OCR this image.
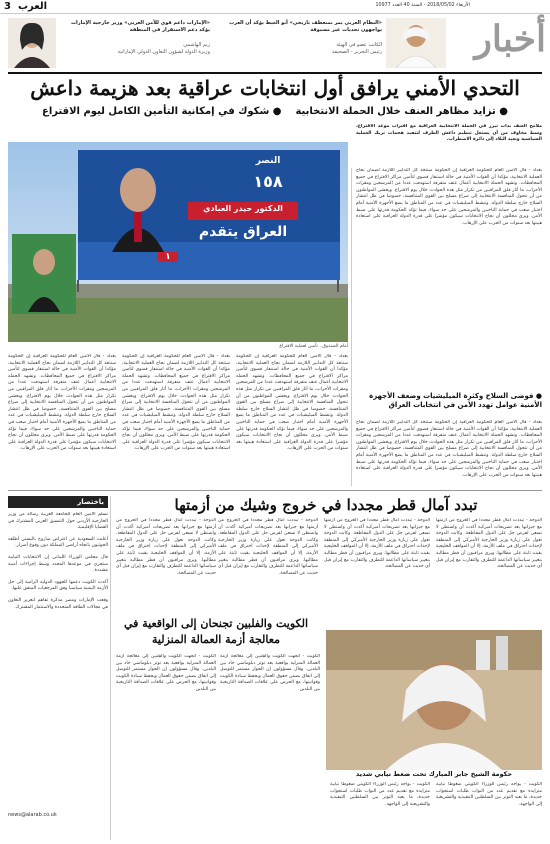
3 العرب	الأربعاء 2018/05/02 - السنة 40 العدد 10977
أخبار
«النظام العربي يمر بمنعطف تاريخي» أبو الغيط يؤكد أن العرب يواجهون تحديات غير مسبوقة
الكاتب عضو في الهيئة
رئيس التحرير - الصحيفة
«الإمارات داعم قوي للأمن العربي» وزير خارجية الإمارات يؤكد دعم الاستقرار في المنطقة
ريم الهاشمي
وزيرة الدولة لشؤون التعاون الدولي الإماراتية
التحدي الأمني يرافق أول انتخابات عراقية بعد هزيمة داعش
● تزايد مظاهر العنف خلال الحملة الانتخابية    ● شكوك في إمكانية التأمين الكامل ليوم الاقتراع
ملامح العنف بدأت تبرز في الحملة الانتخابية العراقية مع اقتراب موعد الاقتراع، وسط مخاوف من أن يستغل تنظيم داعش الظرف لتنفيذ هجمات تربك العملية السياسية وتعيد البلاد إلى دائرة الاضطراب.
النصر
١٥٨
الدكتور حيدر العبادي
العراق يتقدم
١
أمام الصندوق.. تأمين لعملية الاقتراع
بغداد - قال الأمين العام للحكومة العراقية إن الحكومة ستتخذ كل التدابير اللازمة لضمان نجاح العملية الانتخابية، مؤكدا أن القوات الأمنية في حالة استنفار قصوى لتأمين مراكز الاقتراع في جميع المحافظات. وتشهد الحملة الانتخابية أعمال عنف متفرقة استهدفت عددا من المرشحين ومقرات الأحزاب، ما أثار قلق المراقبين من تكرار مثل هذه الحوادث خلال يوم الاقتراع. ويخشى المواطنون من أن تتحول المنافسة الانتخابية إلى صراع مسلح بين القوى المتنافسة، خصوصا في ظل انتشار السلاح خارج سلطة الدولة. وتنشط الميليشيات في عدد من المناطق ما يضع الأجهزة الأمنية أمام اختبار صعب في حماية الناخبين والمرشحين على حد سواء، فيما تؤكد الحكومة قدرتها على ضبط الأمن. ويرى محللون أن نجاح الانتخابات سيكون مؤشرا على قدرة الدولة العراقية على استعادة هيبتها بعد سنوات من الحرب على الإرهاب.
● فوضى السلاح وكثرة الميليشيات وضعف الأجهزة الأمنية عوامل تهدد الأمن في انتخابات العراق
بغداد - قال الأمين العام للحكومة العراقية إن الحكومة ستتخذ كل التدابير اللازمة لضمان نجاح العملية الانتخابية، مؤكدا أن القوات الأمنية في حالة استنفار قصوى لتأمين مراكز الاقتراع في جميع المحافظات. وتشهد الحملة الانتخابية أعمال عنف متفرقة استهدفت عددا من المرشحين ومقرات الأحزاب، ما أثار قلق المراقبين من تكرار مثل هذه الحوادث خلال يوم الاقتراع. ويخشى المواطنون من أن تتحول المنافسة الانتخابية إلى صراع مسلح بين القوى المتنافسة، خصوصا في ظل انتشار السلاح خارج سلطة الدولة. وتنشط الميليشيات في عدد من المناطق ما يضع الأجهزة الأمنية أمام اختبار صعب في حماية الناخبين والمرشحين على حد سواء، فيما تؤكد الحكومة قدرتها على ضبط الأمن. ويرى محللون أن نجاح الانتخابات سيكون مؤشرا على قدرة الدولة العراقية على استعادة هيبتها بعد سنوات من الحرب على الإرهاب.
بغداد - قال الأمين العام للحكومة العراقية إن الحكومة ستتخذ كل التدابير اللازمة لضمان نجاح العملية الانتخابية، مؤكدا أن القوات الأمنية في حالة استنفار قصوى لتأمين مراكز الاقتراع في جميع المحافظات. وتشهد الحملة الانتخابية أعمال عنف متفرقة استهدفت عددا من المرشحين ومقرات الأحزاب، ما أثار قلق المراقبين من تكرار مثل هذه الحوادث خلال يوم الاقتراع. ويخشى المواطنون من أن تتحول المنافسة الانتخابية إلى صراع مسلح بين القوى المتنافسة، خصوصا في ظل انتشار السلاح خارج سلطة الدولة. وتنشط الميليشيات في عدد من المناطق ما يضع الأجهزة الأمنية أمام اختبار صعب في حماية الناخبين والمرشحين على حد سواء، فيما تؤكد الحكومة قدرتها على ضبط الأمن. ويرى محللون أن نجاح الانتخابات سيكون مؤشرا على قدرة الدولة العراقية على استعادة هيبتها بعد سنوات من الحرب على الإرهاب.
بغداد - قال الأمين العام للحكومة العراقية إن الحكومة ستتخذ كل التدابير اللازمة لضمان نجاح العملية الانتخابية، مؤكدا أن القوات الأمنية في حالة استنفار قصوى لتأمين مراكز الاقتراع في جميع المحافظات. وتشهد الحملة الانتخابية أعمال عنف متفرقة استهدفت عددا من المرشحين ومقرات الأحزاب، ما أثار قلق المراقبين من تكرار مثل هذه الحوادث خلال يوم الاقتراع. ويخشى المواطنون من أن تتحول المنافسة الانتخابية إلى صراع مسلح بين القوى المتنافسة، خصوصا في ظل انتشار السلاح خارج سلطة الدولة. وتنشط الميليشيات في عدد من المناطق ما يضع الأجهزة الأمنية أمام اختبار صعب في حماية الناخبين والمرشحين على حد سواء، فيما تؤكد الحكومة قدرتها على ضبط الأمن. ويرى محللون أن نجاح الانتخابات سيكون مؤشرا على قدرة الدولة العراقية على استعادة هيبتها بعد سنوات من الحرب على الإرهاب.
بغداد - قال الأمين العام للحكومة العراقية إن الحكومة ستتخذ كل التدابير اللازمة لضمان نجاح العملية الانتخابية، مؤكدا أن القوات الأمنية في حالة استنفار قصوى لتأمين مراكز الاقتراع في جميع المحافظات. وتشهد الحملة الانتخابية أعمال عنف متفرقة استهدفت عددا من المرشحين ومقرات الأحزاب، ما أثار قلق المراقبين من تكرار مثل هذه الحوادث خلال يوم الاقتراع. ويخشى المواطنون من أن تتحول المنافسة الانتخابية إلى صراع مسلح بين القوى المتنافسة، خصوصا في ظل انتشار السلاح خارج سلطة الدولة. وتنشط الميليشيات في عدد من المناطق ما يضع الأجهزة الأمنية أمام اختبار صعب في حماية الناخبين والمرشحين على حد سواء، فيما تؤكد الحكومة قدرتها على ضبط الأمن. ويرى محللون أن نجاح الانتخابات سيكون مؤشرا على قدرة الدولة العراقية على استعادة هيبتها بعد سنوات من الحرب على الإرهاب.
باختصار

تسلم الأمين العام للجامعة العربية رسالة من وزير الخارجية الأردني حول التنسيق العربي المشترك في القضايا الإقليمية.

أعلنت السعودية عن اعتراض صاروخ باليستي أطلقه الحوثيون باتجاه أراضي المملكة دون وقوع أضرار.

قال مجلس الوزراء اللبناني إن الانتخابات النيابية ستجري في موعدها المحدد وسط إجراءات أمنية مشددة.

أكدت الكويت دعمها للجهود الدولية الرامية إلى حل الأزمة اليمنية سياسيا وفق المرجعيات المتفق عليها.

وقعت الإمارات ومصر مذكرة تفاهم لتعزيز التعاون في مجالات الطاقة المتجددة والاستثمار المشترك.

news@alarab.co.uk
تبدد آمال قطر مجددا في خروج وشيك من أزمتها
الدوحة - تبددت آمال قطر مجددا في الخروج من أزمتها مع جيرانها بعد تصريحات أميركية أكدت أن واشنطن لا تسعى لفرض حل على الدول المقاطعة. وكانت الدوحة تعول على زيارة وزير الخارجية الأميركي إلى المنطقة لإحداث اختراق في ملف الأزمة، إلا أن المواقف الخليجية بقيت ثابتة على مطالبها. ويرى مراقبون أن قطر مطالبة بتغيير سياساتها الداعمة للتطرف والتقارب مع إيران قبل أي حديث عن المصالحة.
الدوحة - تبددت آمال قطر مجددا في الخروج من أزمتها مع جيرانها بعد تصريحات أميركية أكدت أن واشنطن لا تسعى لفرض حل على الدول المقاطعة. وكانت الدوحة تعول على زيارة وزير الخارجية الأميركي إلى المنطقة لإحداث اختراق في ملف الأزمة، إلا أن المواقف الخليجية بقيت ثابتة على مطالبها. ويرى مراقبون أن قطر مطالبة بتغيير سياساتها الداعمة للتطرف والتقارب مع إيران قبل أي حديث عن المصالحة.
الدوحة - تبددت آمال قطر مجددا في الخروج من أزمتها مع جيرانها بعد تصريحات أميركية أكدت أن واشنطن لا تسعى لفرض حل على الدول المقاطعة. وكانت الدوحة تعول على زيارة وزير الخارجية الأميركي إلى المنطقة لإحداث اختراق في ملف الأزمة، إلا أن المواقف الخليجية بقيت ثابتة على مطالبها. ويرى مراقبون أن قطر مطالبة بتغيير سياساتها الداعمة للتطرف والتقارب مع إيران قبل أي حديث عن المصالحة.
الدوحة - تبددت آمال قطر مجددا في الخروج من أزمتها مع جيرانها بعد تصريحات أميركية أكدت أن واشنطن لا تسعى لفرض حل على الدول المقاطعة. وكانت الدوحة تعول على زيارة وزير الخارجية الأميركي إلى المنطقة لإحداث اختراق في ملف الأزمة، إلا أن المواقف الخليجية بقيت ثابتة على مطالبها. ويرى مراقبون أن قطر مطالبة بتغيير سياساتها الداعمة للتطرف والتقارب مع إيران قبل أي حديث عن المصالحة.
الكويت والفلبين تجنحان إلى الواقعية في معالجة أزمة العمالة المنزلية
الكويت - اتجهت الكويت والفلبين إلى معالجة أزمة العمالة المنزلية بواقعية بعد توتر دبلوماسي حاد بين البلدين. وقال مسؤولون إن الحوار مستمر للتوصل إلى اتفاق يضمن حقوق العمال ويحفظ سيادة الكويت وقوانينها، مع الحرص على علاقات الصداقة التاريخية بين البلدين.
الكويت - اتجهت الكويت والفلبين إلى معالجة أزمة العمالة المنزلية بواقعية بعد توتر دبلوماسي حاد بين البلدين. وقال مسؤولون إن الحوار مستمر للتوصل إلى اتفاق يضمن حقوق العمال ويحفظ سيادة الكويت وقوانينها، مع الحرص على علاقات الصداقة التاريخية بين البلدين.
حكومة الشيخ جابر المبارك تحت ضغط نيابي شديد
الكويت - يواجه رئيس الوزراء الكويتي ضغوطا نيابية متزايدة مع تقديم عدد من النواب طلبات استجواب جديدة، ما يعيد التوتر بين السلطتين التنفيذية والتشريعية إلى الواجهة.
الكويت - يواجه رئيس الوزراء الكويتي ضغوطا نيابية متزايدة مع تقديم عدد من النواب طلبات استجواب جديدة، ما يعيد التوتر بين السلطتين التنفيذية والتشريعية إلى الواجهة.
